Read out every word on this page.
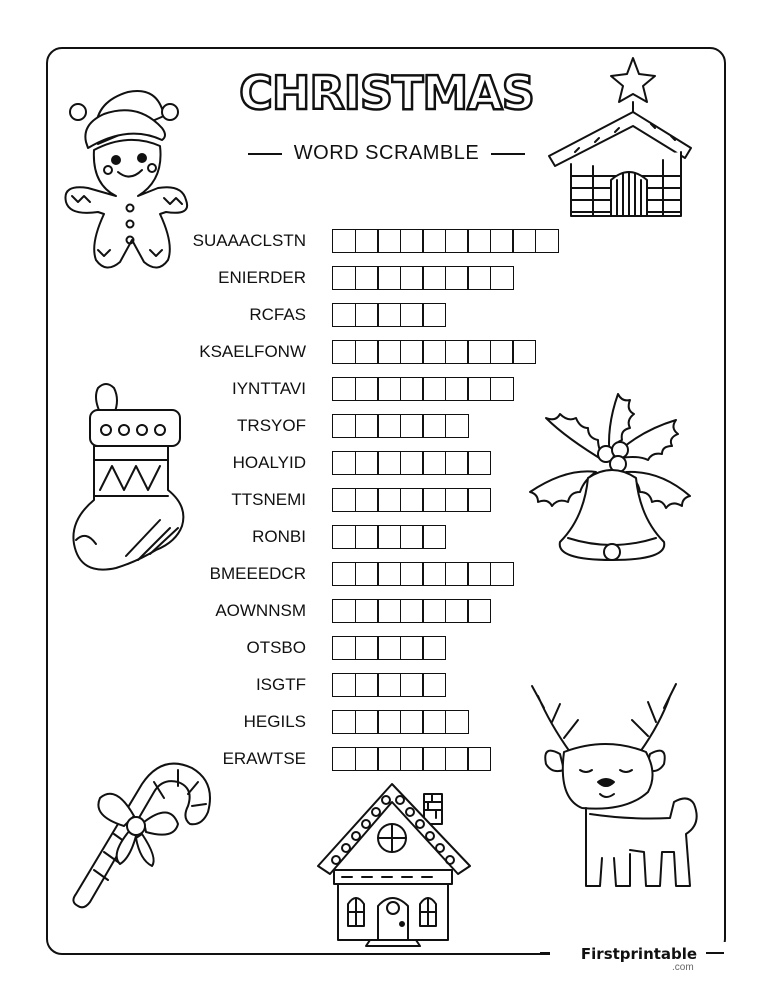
CHRISTMAS
WORD SCRAMBLE
SUAAACLSTN
ENIERDER
RCFAS
KSAELFONW
IYNTTAVI
TRSYOF
HOALYID
TTSNEMI
RONBI
BMEEEDCR
AOWNNSM
OTSBO
ISGTF
HEGILS
ERAWTSE
Firstprintable
.com
